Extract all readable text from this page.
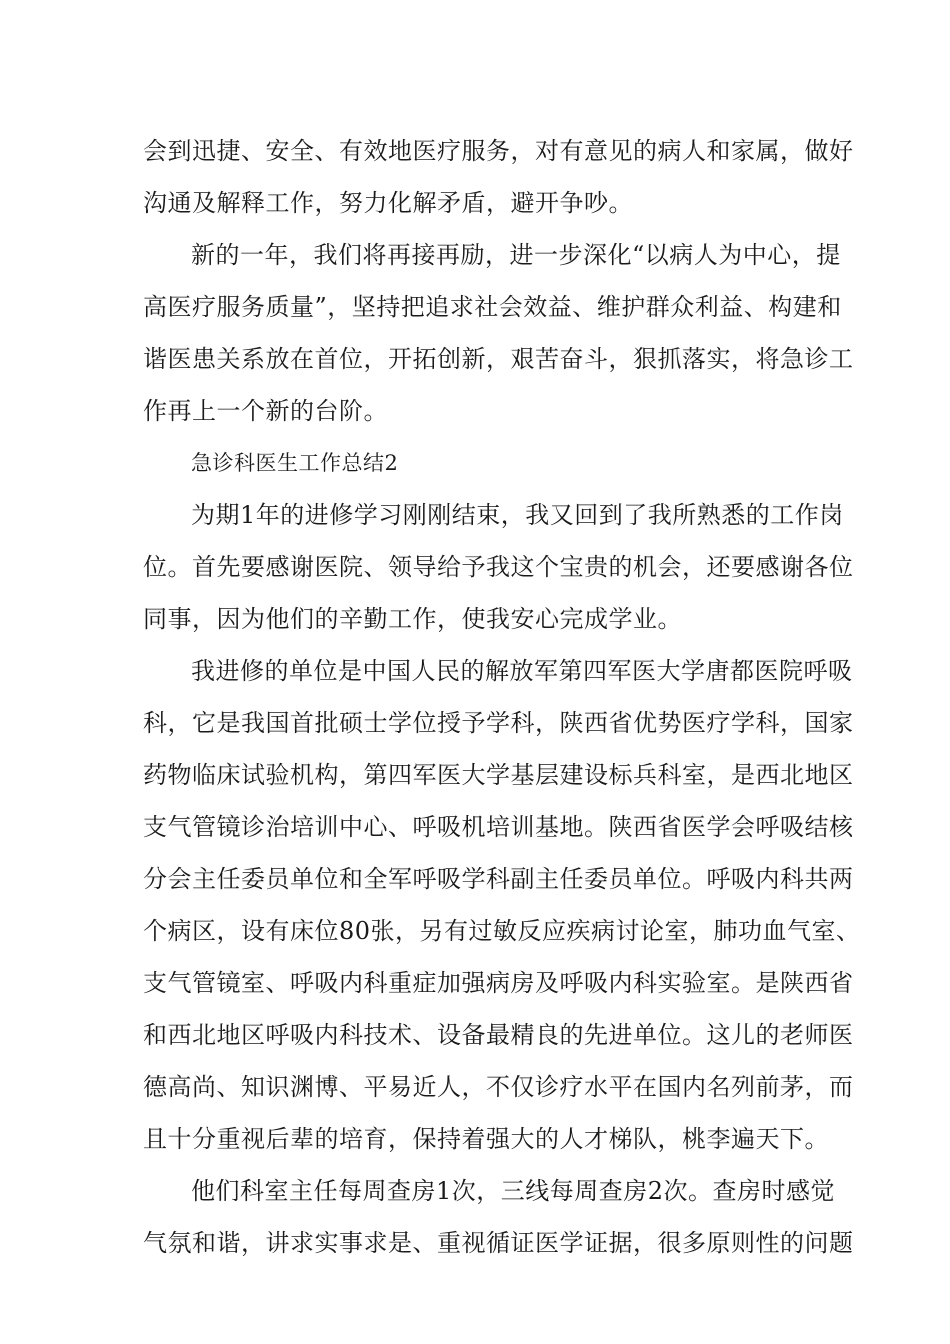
会到迅捷、安全、有效地医疗服务，对有意见的病人和家属，做好
沟通及解释工作，努力化解矛盾，避开争吵。
新的一年，我们将再接再励，进一步深化“以病人为中心，提
高医疗服务质量”，坚持把追求社会效益、维护群众利益、构建和
谐医患关系放在首位，开拓创新，艰苦奋斗，狠抓落实，将急诊工
作再上一个新的台阶。
急诊科医生工作总结2
为期1年的进修学习刚刚结束，我又回到了我所熟悉的工作岗
位。首先要感谢医院、领导给予我这个宝贵的机会，还要感谢各位
同事，因为他们的辛勤工作，使我安心完成学业。
我进修的单位是中国人民的解放军第四军医大学唐都医院呼吸
科，它是我国首批硕士学位授予学科，陕西省优势医疗学科，国家
药物临床试验机构，第四军医大学基层建设标兵科室，是西北地区
支气管镜诊治培训中心、呼吸机培训基地。陕西省医学会呼吸结核
分会主任委员单位和全军呼吸学科副主任委员单位。呼吸内科共两
个病区，设有床位80张，另有过敏反应疾病讨论室，肺功血气室、
支气管镜室、呼吸内科重症加强病房及呼吸内科实验室。是陕西省
和西北地区呼吸内科技术、设备最精良的先进单位。这儿的老师医
德高尚、知识渊博、平易近人，不仅诊疗水平在国内名列前茅，而
且十分重视后辈的培育，保持着强大的人才梯队，桃李遍天下。
他们科室主任每周查房1次，三线每周查房2次。查房时感觉
气氛和谐，讲求实事求是、重视循证医学证据，很多原则性的问题
